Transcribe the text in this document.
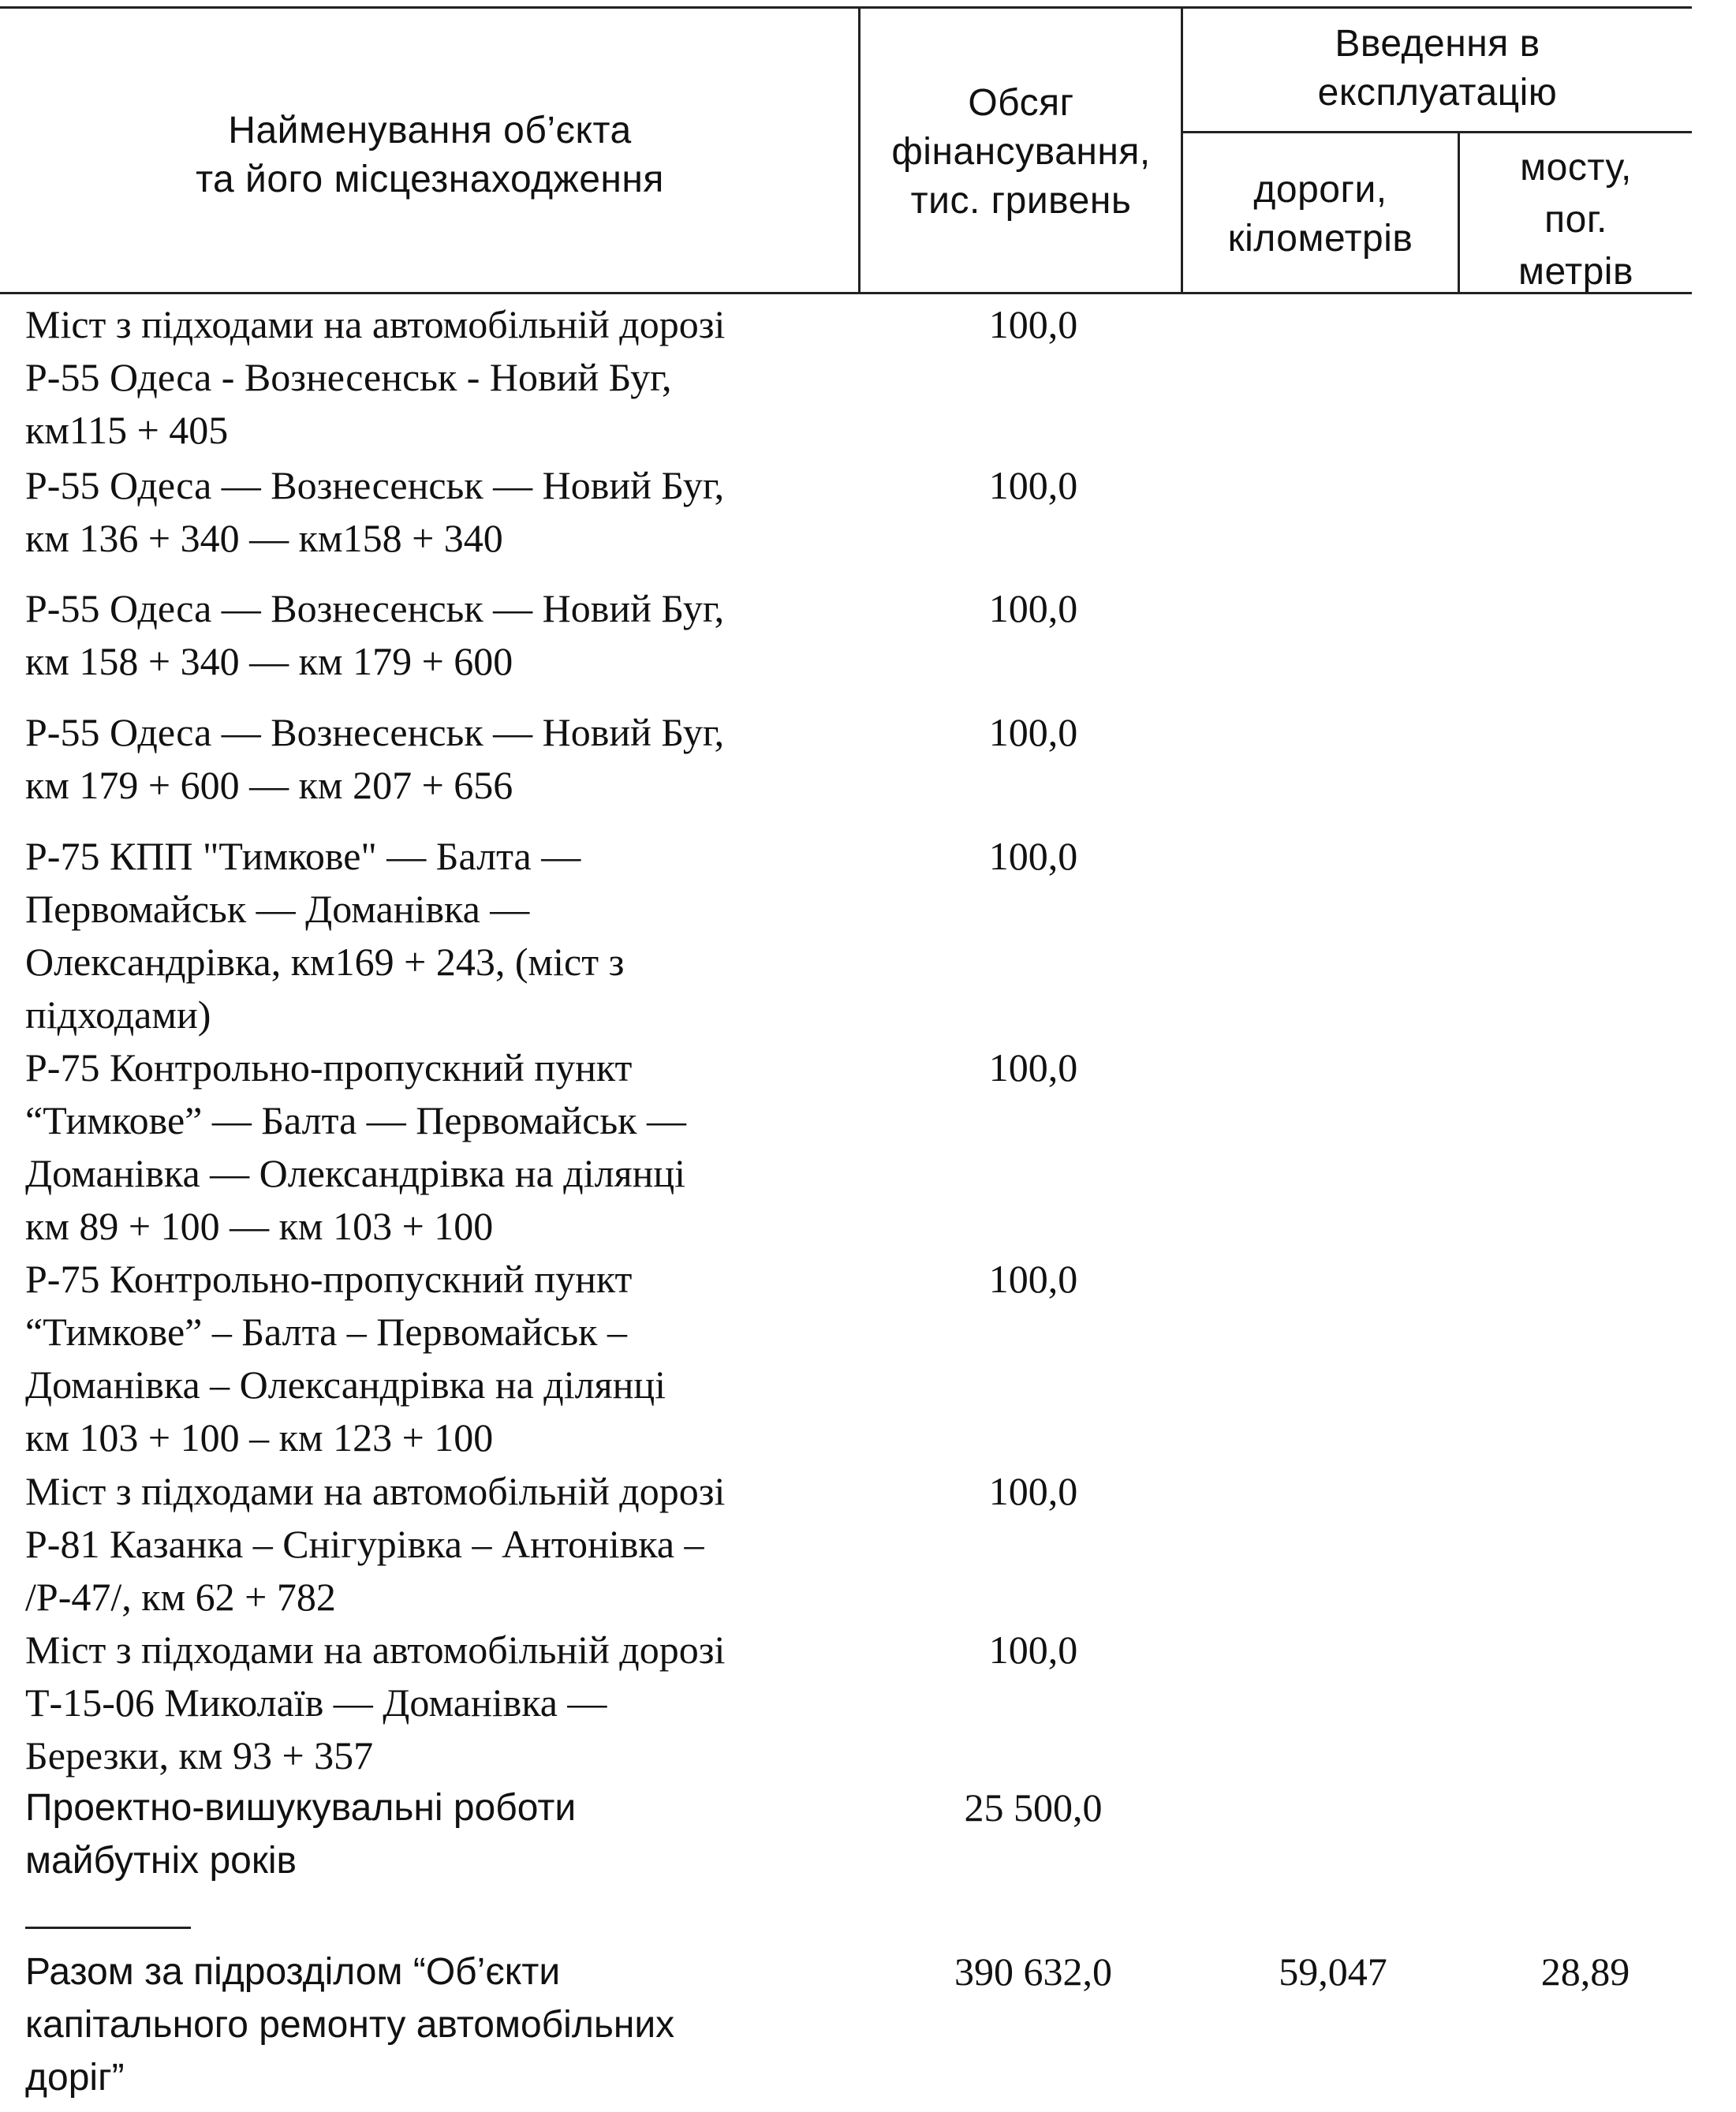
Найменування об’єкта
та його місцезнаходження
Обсяг
фінансування,
тис. гривень
Введення в
експлуатацію
дороги,
кілометрів
мосту,
пог.
метрів
Міст з підходами на автомобільній дорозі
Р-55 Одеса - Вознесенськ - Новий Буг,
км115 + 405
100,0
Р-55 Одеса — Вознесенськ — Новий Буг,
км 136 + 340 — км158 + 340
100,0
Р-55 Одеса — Вознесенськ — Новий Буг,
км 158 + 340 — км 179 + 600
100,0
Р-55 Одеса — Вознесенськ — Новий Буг,
км 179 + 600 — км 207 + 656
100,0
Р-75 КПП "Тимкове" — Балта —
Первомайськ — Доманівка —
Олександрівка, км169 + 243, (міст з
підходами)
100,0
Р-75 Контрольно-пропускний пункт
“Тимкове” — Балта — Первомайськ —
Доманівка — Олександрівка на ділянці
км 89 + 100 — км 103 + 100
100,0
Р-75 Контрольно-пропускний пункт
“Тимкове” – Балта – Первомайськ –
Доманівка – Олександрівка на ділянці
км 103 + 100 – км 123 + 100
100,0
Міст з підходами на автомобільній дорозі
Р-81 Казанка – Снігурівка – Антонівка –
/Р-47/, км 62 + 782
100,0
Міст з підходами на автомобільній дорозі
Т-15-06 Миколаїв — Доманівка —
Березки, км 93 + 357
100,0
Проектно-вишукувальні роботи
майбутніх років
25 500,0
Разом за підрозділом “Об’єкти
капітального ремонту автомобільних
доріг”
390 632,0	59,047	28,89
